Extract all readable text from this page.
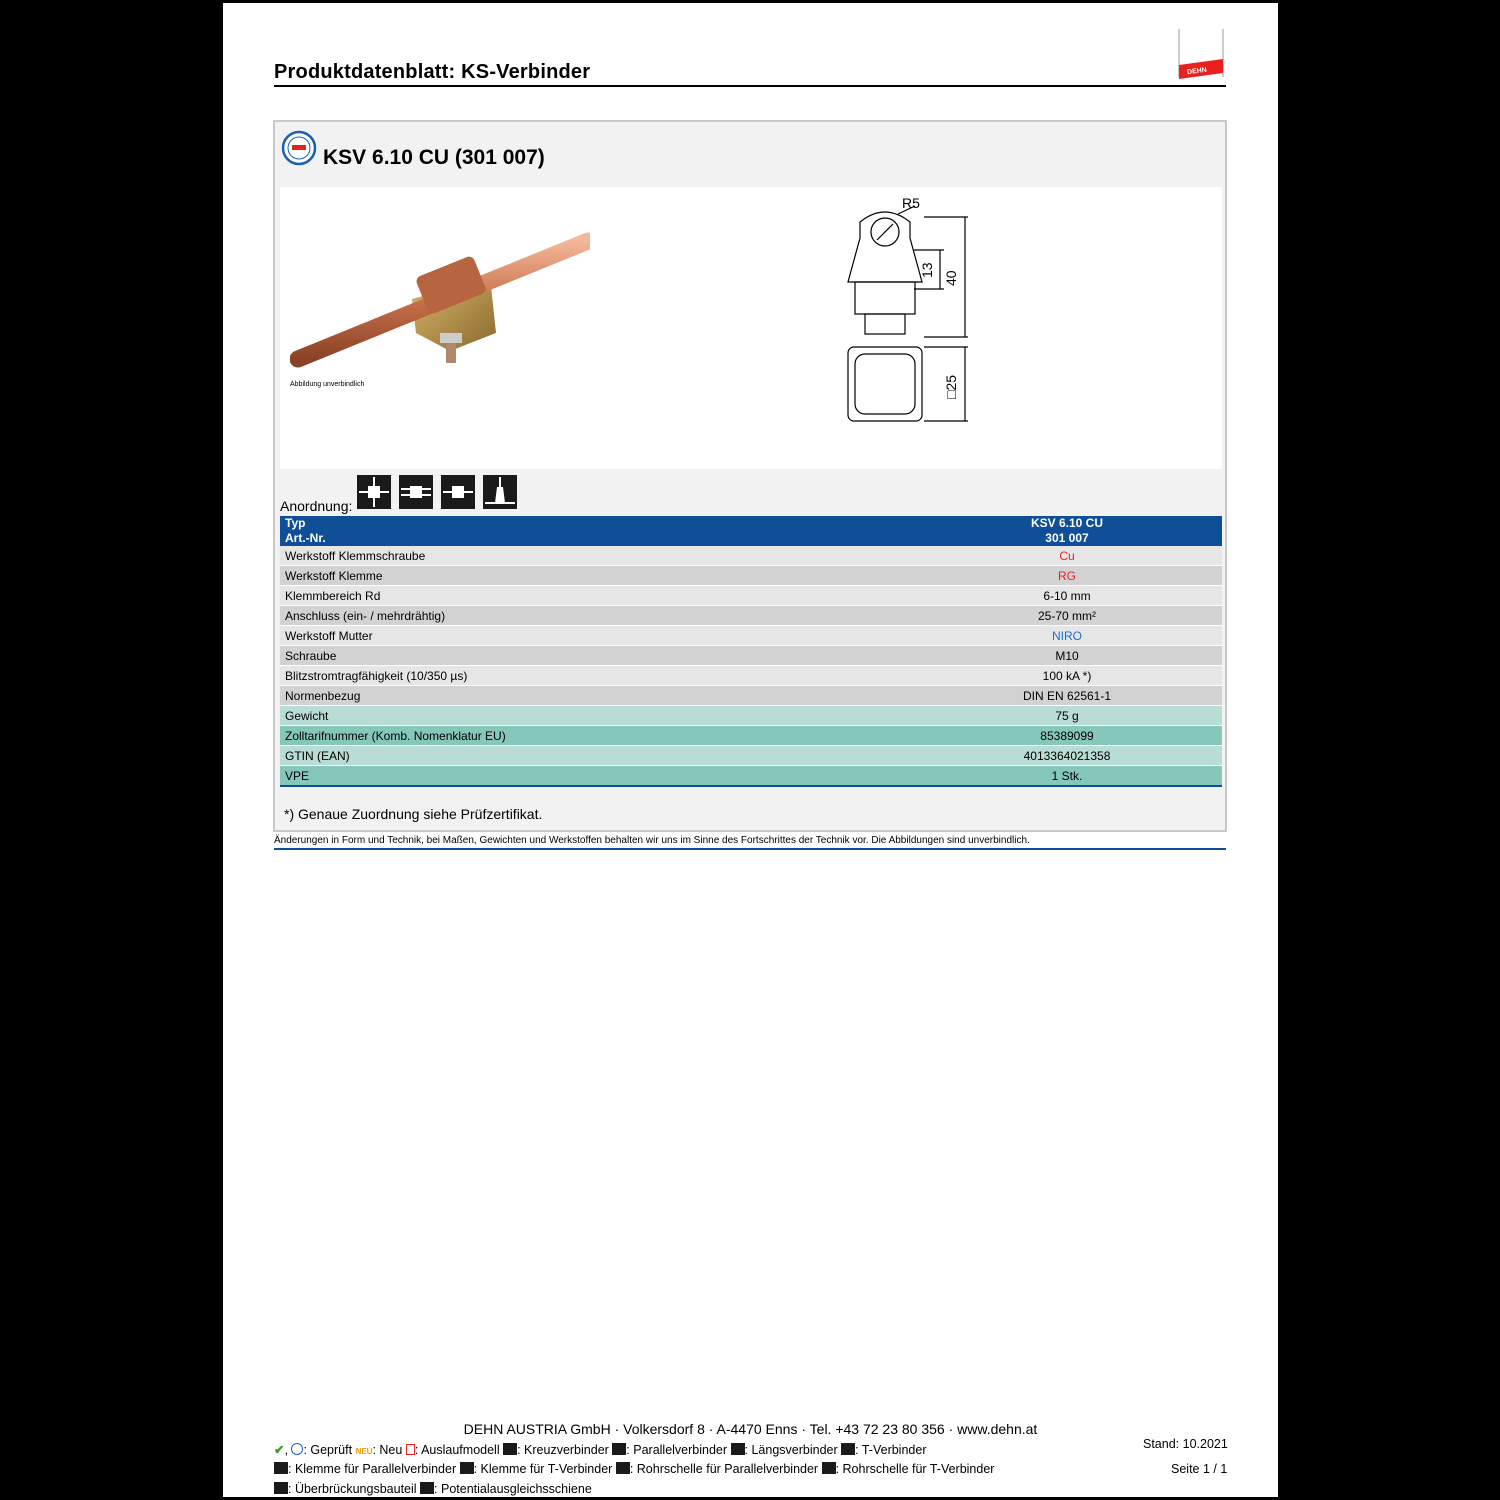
Produktdatenblatt: KS-Verbinder	DEHN
KSV 6.10 CU (301 007)
Abbildung unverbindlich
R5
13
40
□25
Anordnung:
Typ	KSV 6.10 CU
Art.-Nr.	301 007
Werkstoff Klemmschraube	Cu
Werkstoff Klemme	RG
Klemmbereich Rd	6-10 mm
Anschluss (ein- / mehrdrähtig)	25-70 mm²
Werkstoff Mutter	NIRO
Schraube	M10
Blitzstromtragfähigkeit (10/350 µs)	100 kA *)
Normenbezug	DIN EN 62561-1
Gewicht	75 g
Zolltarifnummer (Komb. Nomenklatur EU)	85389099
GTIN (EAN)	4013364021358
VPE	1 Stk.
*) Genaue Zuordnung siehe Prüfzertifikat.
Änderungen in Form und Technik, bei Maßen, Gewichten und Werkstoffen behalten wir uns im Sinne des Fortschrittes der Technik vor. Die Abbildungen sind unverbindlich.
DEHN AUSTRIA GmbH · Volkersdorf 8 · A-4470 Enns · Tel. +43 72 23 80 356 · www.dehn.at
✔, : Geprüft NEU: Neu : Auslaufmodell : Kreuzverbinder : Parallelverbinder : Längsverbinder : T-Verbinder
: Klemme für Parallelverbinder : Klemme für T-Verbinder : Rohrschelle für Parallelverbinder : Rohrschelle für T-Verbinder
: Überbrückungsbauteil : Potentialausgleichsschiene
Stand: 10.2021
Seite 1 / 1
